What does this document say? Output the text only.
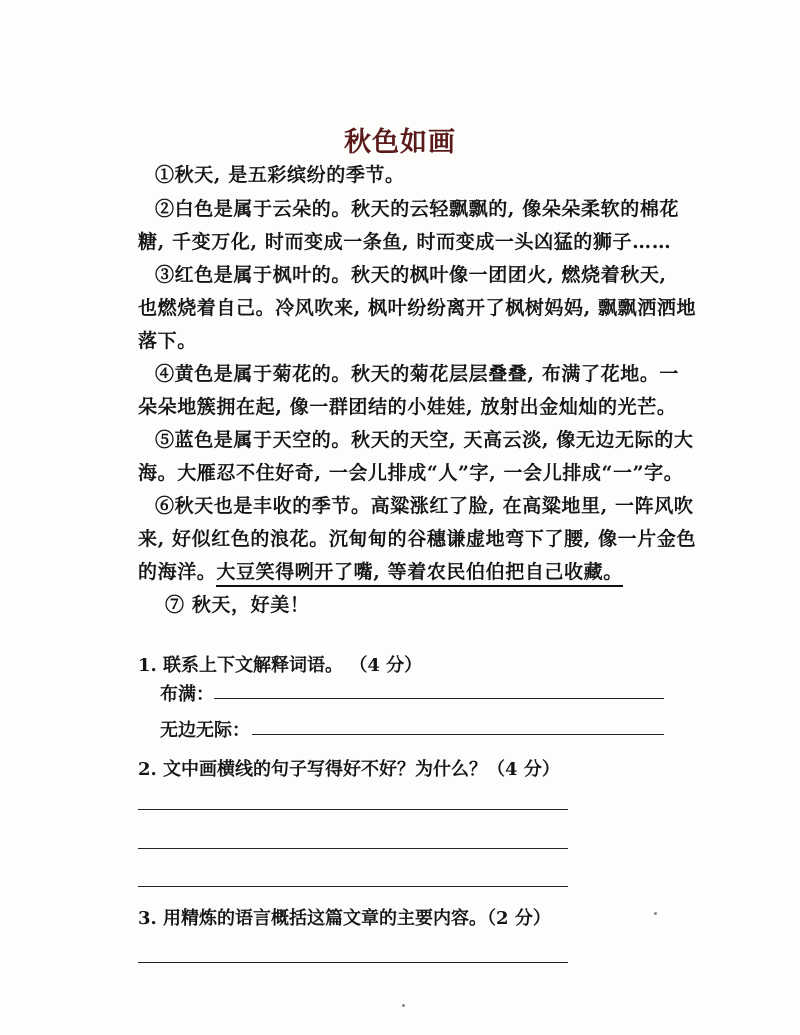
秋色如画
①秋天, 是五彩缤纷的季节。
②白色是属于云朵的。秋天的云轻飘飘的, 像朵朵柔软的棉花
糖, 千变万化, 时而变成一条鱼, 时而变成一头凶猛的狮子……
③红色是属于枫叶的。秋天的枫叶像一团团火, 燃烧着秋天,
也燃烧着自己。冷风吹来, 枫叶纷纷离开了枫树妈妈, 飘飘洒洒地
落下。
④黄色是属于菊花的。秋天的菊花层层叠叠, 布满了花地。一
朵朵地簇拥在起, 像一群团结的小娃娃, 放射出金灿灿的光芒。
⑤蓝色是属于天空的。秋天的天空, 天高云淡, 像无边无际的大
海。大雁忍不住好奇, 一会儿排成“人”字, 一会儿排成“一”字。
⑥秋天也是丰收的季节。高粱涨红了脸, 在高粱地里, 一阵风吹
来, 好似红色的浪花。沉甸甸的谷穗谦虚地弯下了腰, 像一片金色
的海洋。大豆笑得咧开了嘴, 等着农民伯伯把自己收藏。
⑦ 秋天，好美！
1. 联系上下文解释词语。 （4 分）
布满：
无边无际：
2. 文中画横线的句子写得好不好？为什么？（4 分）
3. 用精炼的语言概括这篇文章的主要内容。（2 分）
